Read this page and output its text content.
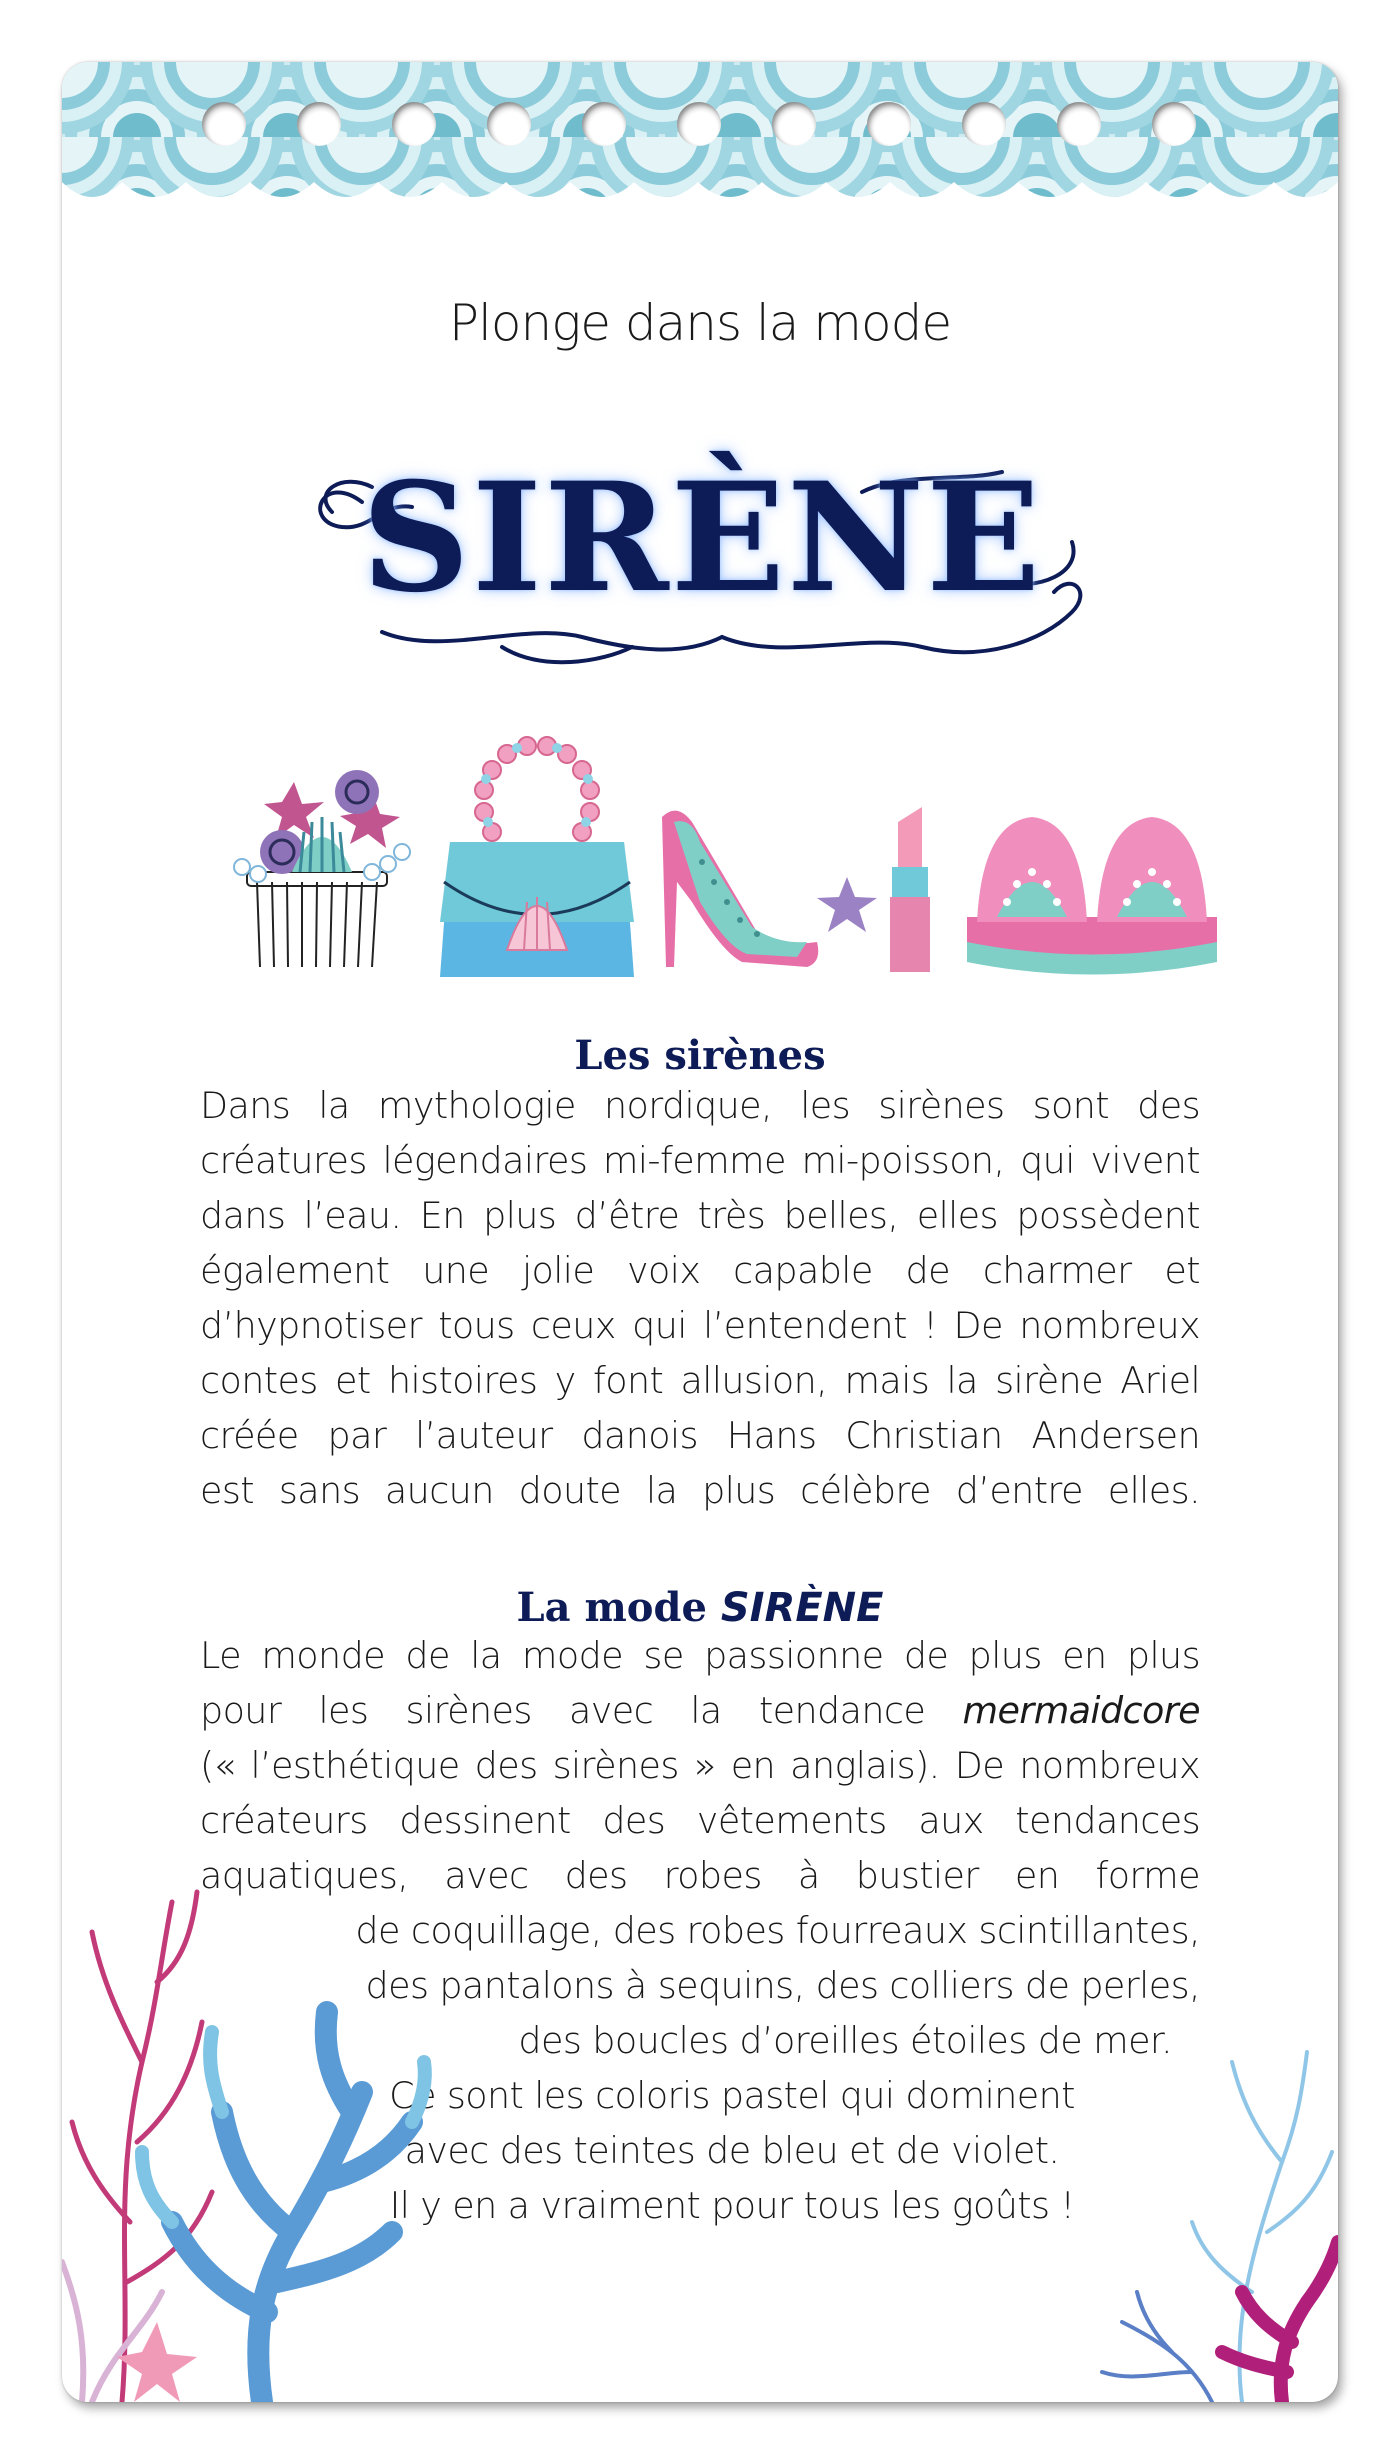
Plonge dans la mode
SIRÈNE
Les sirènes
Dans la mythologie nordique, les sirènes sont des
créatures légendaires mi-femme mi-poisson, qui vivent
dans l’eau. En plus d’être très belles, elles possèdent
également une jolie voix capable de charmer et
d’hypnotiser tous ceux qui l’entendent ! De nombreux
contes et histoires y font allusion, mais la sirène Ariel
créée par l’auteur danois Hans Christian Andersen
est sans aucun doute la plus célèbre d’entre elles.
La mode SIRÈNE
Le monde de la mode se passionne de plus en plus
pour les sirènes avec la tendance mermaidcore
(« l’esthétique des sirènes » en anglais). De nombreux
créateurs dessinent des vêtements aux tendances
aquatiques, avec des robes à bustier en forme
de coquillage, des robes fourreaux scintillantes,
des pantalons à sequins, des colliers de perles,
des boucles d’oreilles étoiles de mer.
Ce sont les coloris pastel qui dominent
avec des teintes de bleu et de violet.
Il y en a vraiment pour tous les goûts !
